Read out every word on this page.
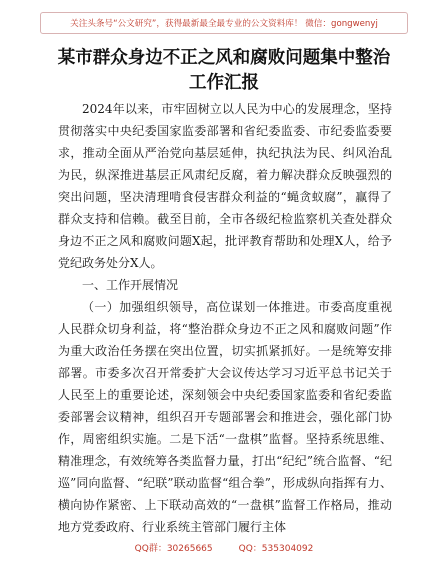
关注头条号“公文研究”，获得最新最全最专业的公文资料库！ 微信：gongwenyj
某市群众身边不正之风和腐败问题集中整治工作汇报

2024年以来，市牢固树立以人民为中心的发展理念，坚持贯彻落实中央纪委国家监委部署和省纪委监委、市纪委监委要求，推动全面从严治党向基层延伸，执纪执法为民、纠风治乱为民，纵深推进基层正风肃纪反腐，着力解决群众反映强烈的突出问题，坚决清理啃食侵害群众利益的“蝇贪蚁腐”，赢得了群众支持和信赖。截至目前，全市各级纪检监察机关查处群众身边不正之风和腐败问题X起，批评教育帮助和处理X人，给予党纪政务处分X人。

一、工作开展情况

（一）加强组织领导，高位谋划一体推进。市委高度重视人民群众切身利益，将“整治群众身边不正之风和腐败问题”作为重大政治任务摆在突出位置，切实抓紧抓好。一是统筹安排部署。市委多次召开常委扩大会议传达学习习近平总书记关于人民至上的重要论述，深刻领会中央纪委国家监委和省纪委监委部署会议精神，组织召开专题部署会和推进会，强化部门协作，周密组织实施。二是下活“一盘棋”监督。坚持系统思维、精准理念，有效统筹各类监督力量，打出“纪纪”统合监督、“纪巡”同向监督、“纪联”联动监督“组合拳”，形成纵向指挥有力、横向协作紧密、上下联动高效的“一盘棋”监督工作格局，推动地方党委政府、行业系统主管部门履行主体

QQ群：30265665	QQ：535304092
